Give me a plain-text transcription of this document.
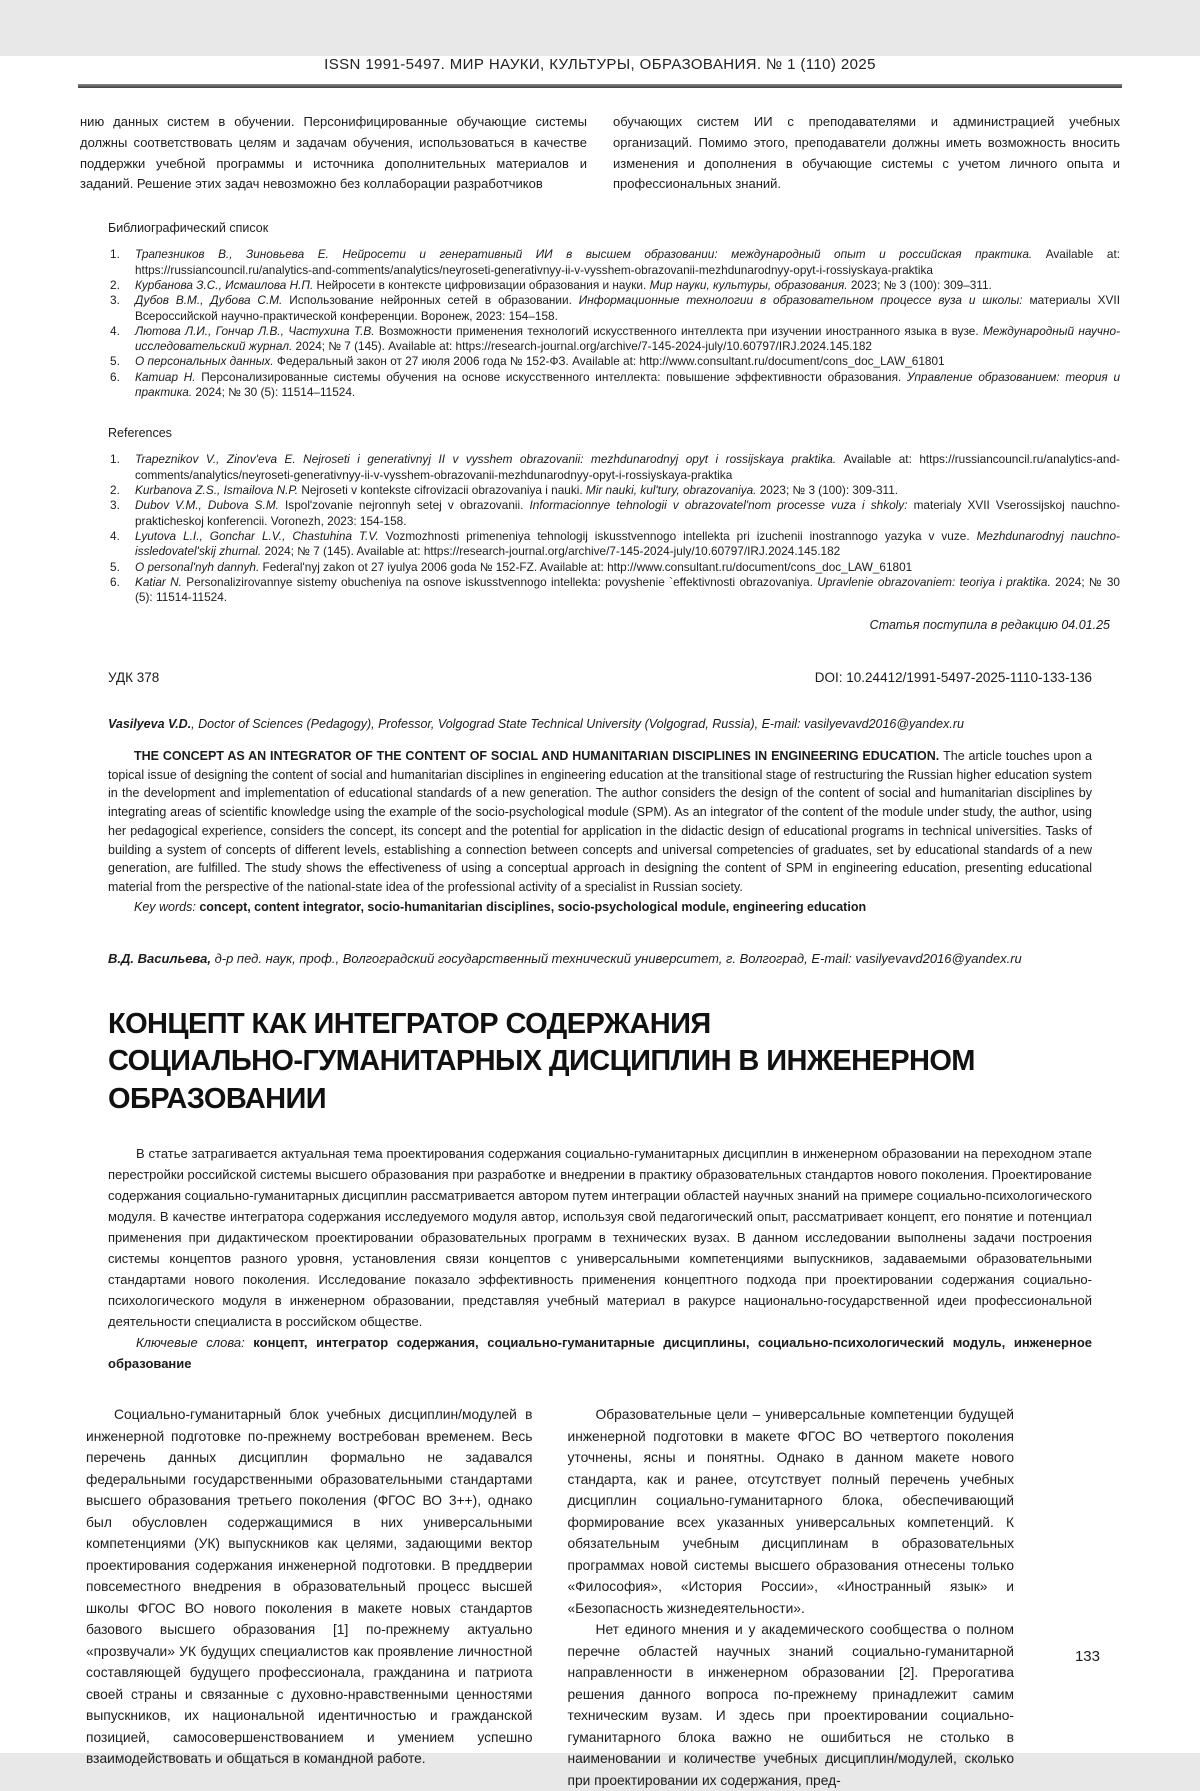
ISSN 1991-5497. МИР НАУКИ, КУЛЬТУРЫ, ОБРАЗОВАНИЯ. № 1 (110) 2025
нию данных систем в обучении. Персонифицированные обучающие системы должны соответствовать целям и задачам обучения, использоваться в качестве поддержки учебной программы и источника дополнительных материалов и заданий. Решение этих задач невозможно без коллаборации разработчиков
обучающих систем ИИ с преподавателями и администрацией учебных организаций. Помимо этого, преподаватели должны иметь возможность вносить изменения и дополнения в обучающие системы с учетом личного опыта и профессиональных знаний.
Библиографический список
Трапезников В., Зиновьева Е. Нейросети и генеративный ИИ в высшем образовании: международный опыт и российская практика. Available at: https://russiancouncil.ru/analytics-and-comments/analytics/neyroseti-generativnyy-ii-v-vysshem-obrazovanii-mezhdunarodnyy-opyt-i-rossiyskaya-praktika
Курбанова З.С., Исмаилова Н.П. Нейросети в контексте цифровизации образования и науки. Мир науки, культуры, образования. 2023; № 3 (100): 309–311.
Дубов В.М., Дубова С.М. Использование нейронных сетей в образовании. Информационные технологии в образовательном процессе вуза и школы: материалы XVII Всероссийской научно-практической конференции. Воронеж, 2023: 154–158.
Лютова Л.И., Гончар Л.В., Частухина Т.В. Возможности применения технологий искусственного интеллекта при изучении иностранного языка в вузе. Международный научно-исследовательский журнал. 2024; № 7 (145). Available at: https://research-journal.org/archive/7-145-2024-july/10.60797/IRJ.2024.145.182
О персональных данных. Федеральный закон от 27 июля 2006 года № 152-ФЗ. Available at: http://www.consultant.ru/document/cons_doc_LAW_61801
Катиар Н. Персонализированные системы обучения на основе искусственного интеллекта: повышение эффективности образования. Управление образованием: теория и практика. 2024; № 30 (5): 11514–11524.
References
Trapeznikov V., Zinov'eva E. Nejroseti i generativnyj II v vysshem obrazovanii: mezhdunarodnyj opyt i rossijskaya praktika. Available at: https://russiancouncil.ru/analytics-and-comments/analytics/neyroseti-generativnyy-ii-v-vysshem-obrazovanii-mezhdunarodnyy-opyt-i-rossiyskaya-praktika
Kurbanova Z.S., Ismailova N.P. Nejroseti v kontekste cifrovizacii obrazovaniya i nauki. Mir nauki, kul'tury, obrazovaniya. 2023; № 3 (100): 309-311.
Dubov V.M., Dubova S.M. Ispol'zovanie nejronnyh setej v obrazovanii. Informacionnye tehnologii v obrazovatel'nom processe vuza i shkoly: materialy XVII Vserossijskoj nauchno-prakticheskoj konferencii. Voronezh, 2023: 154-158.
Lyutova L.I., Gonchar L.V., Chastuhina T.V. Vozmozhnosti primeneniya tehnologij iskusstvennogo intellekta pri izuchenii inostrannogo yazyka v vuze. Mezhdunarodnyj nauchno-issledovatel'skij zhurnal. 2024; № 7 (145). Available at: https://research-journal.org/archive/7-145-2024-july/10.60797/IRJ.2024.145.182
O personal'nyh dannyh. Federal'nyj zakon ot 27 iyulya 2006 goda № 152-FZ. Available at: http://www.consultant.ru/document/cons_doc_LAW_61801
Katiar N. Personalizirovannye sistemy obucheniya na osnove iskusstvennogo intellekta: povyshenie `effektivnosti obrazovaniya. Upravlenie obrazovaniem: teoriya i praktika. 2024; № 30 (5): 11514-11524.
Статья поступила в редакцию 04.01.25
УДК 378	DOI: 10.24412/1991-5497-2025-1110-133-136
Vasilyeva V.D., Doctor of Sciences (Pedagogy), Professor, Volgograd State Technical University (Volgograd, Russia), E-mail: vasilyevavd2016@yandex.ru
THE CONCEPT AS AN INTEGRATOR OF THE CONTENT OF SOCIAL AND HUMANITARIAN DISCIPLINES IN ENGINEERING EDUCATION. The article touches upon a topical issue of designing the content of social and humanitarian disciplines in engineering education at the transitional stage of restructuring the Russian higher education system in the development and implementation of educational standards of a new generation. The author considers the design of the content of social and humanitarian disciplines by integrating areas of scientific knowledge using the example of the socio-psychological module (SPM). As an integrator of the content of the module under study, the author, using her pedagogical experience, considers the concept, its concept and the potential for application in the didactic design of educational programs in technical universities. Tasks of building a system of concepts of different levels, establishing a connection between concepts and universal competencies of graduates, set by educational standards of a new generation, are fulfilled. The study shows the effectiveness of using a conceptual approach in designing the content of SPM in engineering education, presenting educational material from the perspective of the national-state idea of the professional activity of a specialist in Russian society.
Key words: concept, content integrator, socio-humanitarian disciplines, socio-psychological module, engineering education
В.Д. Васильева, д-р пед. наук, проф., Волгоградский государственный технический университет, г. Волгоград, E-mail: vasilyevavd2016@yandex.ru
КОНЦЕПТ КАК ИНТЕГРАТОР СОДЕРЖАНИЯ
СОЦИАЛЬНО-ГУМАНИТАРНЫХ ДИСЦИПЛИН В ИНЖЕНЕРНОМ ОБРАЗОВАНИИ
В статье затрагивается актуальная тема проектирования содержания социально-гуманитарных дисциплин в инженерном образовании на переходном этапе перестройки российской системы высшего образования при разработке и внедрении в практику образовательных стандартов нового поколения. Проектирование содержания социально-гуманитарных дисциплин рассматривается автором путем интеграции областей научных знаний на примере социально-психологического модуля. В качестве интегратора содержания исследуемого модуля автор, используя свой педагогический опыт, рассматривает концепт, его понятие и потенциал применения при дидактическом проектировании образовательных программ в технических вузах. В данном исследовании выполнены задачи построения системы концептов разного уровня, установления связи концептов с универсальными компетенциями выпускников, задаваемыми образовательными стандартами нового поколения. Исследование показало эффективность применения концептного подхода при проектировании содержания социально-психологического модуля в инженерном образовании, представляя учебный материал в ракурсе национально-государственной идеи профессиональной деятельности специалиста в российском обществе.
Ключевые слова: концепт, интегратор содержания, социально-гуманитарные дисциплины, социально-психологический модуль, инженерное образование

Социально-гуманитарный блок учебных дисциплин/модулей в инженерной подготовке по-прежнему востребован временем. Весь перечень данных дисциплин формально не задавался федеральными государственными образовательными стандартами высшего образования третьего поколения (ФГОС ВО 3++), однако был обусловлен содержащимися в них универсальными компетенциями (УК) выпускников как целями, задающими вектор проектирования содержания инженерной подготовки. В преддверии повсеместного внедрения в образовательный процесс высшей школы ФГОС ВО нового поколения в макете новых стандартов базового высшего образования [1] по-прежнему актуально «прозвучали» УК будущих специалистов как проявление личностной составляющей будущего профессионала, гражданина и патриота своей страны и связанные с духовно-нравственными ценностями выпускников, их национальной идентичностью и гражданской позицией, самосовершенствованием и умением успешно взаимодействовать и общаться в командной работе.

Образовательные цели – универсальные компетенции будущей инженерной подготовки в макете ФГОС ВО четвертого поколения уточнены, ясны и понятны. Однако в данном макете нового стандарта, как и ранее, отсутствует полный перечень учебных дисциплин социально-гуманитарного блока, обеспечивающий формирование всех указанных универсальных компетенций. К обязательным учебным дисциплинам в образовательных программах новой системы высшего образования отнесены только «Философия», «История России», «Иностранный язык» и «Безопасность жизнедеятельности».

Нет единого мнения и у академического сообщества о полном перечне областей научных знаний социально-гуманитарной направленности в инженерном образовании [2]. Прерогатива решения данного вопроса по-прежнему принадлежит самим техническим вузам. И здесь при проектировании социально-гуманитарного блока важно не ошибиться не столько в наименовании и количестве учебных дисциплин/модулей, сколько при проектировании их содержания, пред-

133
